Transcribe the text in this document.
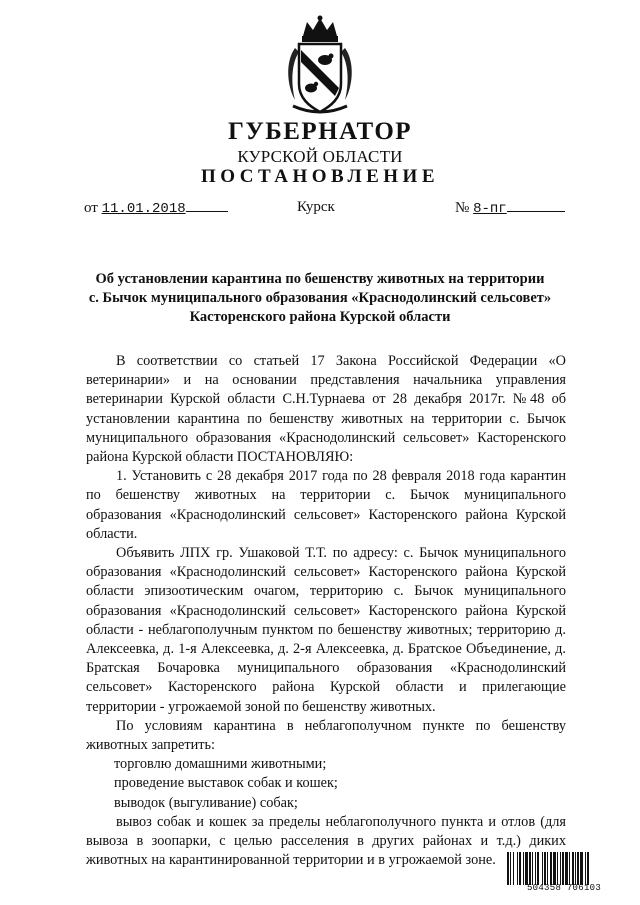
ГУБЕРНАТОР
КУРСКОЙ ОБЛАСТИ
ПОСТАНОВЛЕНИЕ
от 11.01.2018	Курск	№ 8-пг
Об установлении карантина по бешенству животных на территории
с. Бычок муниципального образования «Краснодолинский сельсовет»
Касторенского района Курской области

В соответствии со статьей 17 Закона Российской Федерации «О ветеринарии» и на основании представления начальника управления ветеринарии Курской области С.Н.Турнаева от 28 декабря 2017г. №48 об установлении карантина по бешенству животных на территории с. Бычок муниципального образования «Краснодолинский сельсовет» Касторенского района Курской области ПОСТАНОВЛЯЮ:

1. Установить с 28 декабря 2017 года по 28 февраля 2018 года карантин по бешенству животных на территории с. Бычок муниципального образования «Краснодолинский сельсовет» Касторенского района Курской области.

Объявить ЛПХ гр. Ушаковой Т.Т. по адресу: с. Бычок муниципального образования «Краснодолинский сельсовет» Касторенского района Курской области эпизоотическим очагом, территорию с. Бычок муниципального образования «Краснодолинский сельсовет» Касторенского района Курской области - неблагополучным пунктом по бешенству животных; территорию д. Алексеевка, д. 1-я Алексеевка, д. 2-я Алексеевка, д. Братское Объединение, д. Братская Бочаровка муниципального образования «Краснодолинский сельсовет» Касторенского района Курской области и прилегающие территории - угрожаемой зоной по бешенству животных.

По условиям карантина в неблагополучном пункте по бешенству животных запретить:

торговлю домашними животными;

проведение выставок собак и кошек;

выводок (выгуливание) собак;

вывоз собак и кошек за пределы неблагополучного пункта и отлов (для вывоза в зоопарки, с целью расселения в других районах и т.д.) диких животных на карантинированной территории и в угрожаемой зоне.

504358 706103
